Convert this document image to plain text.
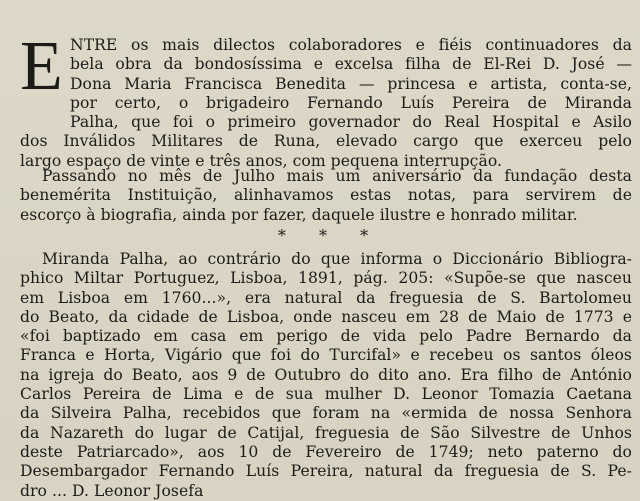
E NTRE os mais dilectos colaboradores e fiéis continuadores da
bela obra da bondosíssima e excelsa filha de El-Rei D. José —
Dona Maria Francisca Benedita — princesa e artista, conta-se,
por certo, o brigadeiro Fernando Luís Pereira de Miranda
Palha, que foi o primeiro governador do Real Hospital e Asilo
dos Inválidos Militares de Runa, elevado cargo que exerceu pelo
largo espaço de vinte e três anos, com pequena interrupção.
Passando no mês de Julho mais um aniversário da fundação desta
benemérita Instituição, alinhavamos estas notas, para servirem de
escorço à biografia, ainda por fazer, daquele ilustre e honrado militar.
* * *
Miranda Palha, ao contrário do que informa o Diccionário Bibliogra-
phico Miltar Portuguez, Lisboa, 1891, pág. 205: «Supõe-se que nasceu
em Lisboa em 1760...», era natural da freguesia de S. Bartolomeu
do Beato, da cidade de Lisboa, onde nasceu em 28 de Maio de 1773 e
«foi baptizado em casa em perigo de vida pelo Padre Bernardo da
Franca e Horta, Vigário que foi do Turcifal» e recebeu os santos óleos
na igreja do Beato, aos 9 de Outubro do dito ano. Era filho de António
Carlos Pereira de Lima e de sua mulher D. Leonor Tomazia Caetana
da Silveira Palha, recebidos que foram na «ermida de nossa Senhora
da Nazareth do lugar de Catijal, freguesia de São Silvestre de Unhos
deste Patriarcado», aos 10 de Fevereiro de 1749; neto paterno do
Desembargador Fernando Luís Pereira, natural da freguesia de S. Pe-
dro ... D. Leonor Josefa
